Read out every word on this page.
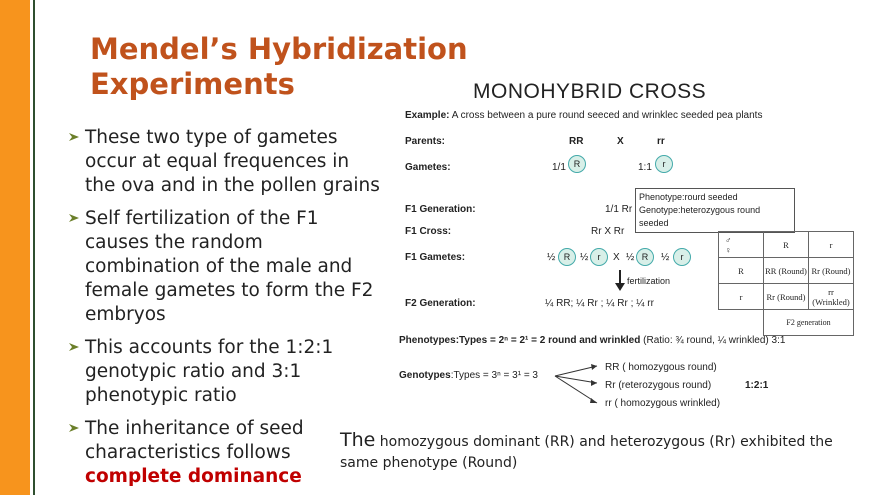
Mendel’s Hybridization
Experiments
These two type of gametes occur at equal frequences in the ova and in the pollen grains
Self fertilization of the F1 causes the random combination of the male and female gametes to form the F2 embryos
This accounts for the 1:2:1 genotypic ratio and 3:1 phenotypic ratio
The inheritance of seed characteristics follows complete dominance
MONOHYBRID CROSS
Example: A cross between a pure round seeced and wrinklec seeded pea plants
Parents:	RR	X	rr
Gametes:	1/1 R	1:1	r
Phenotype:rourd seeded
Genotype:heterozygous round seeded
F1 Generation:	1/1 Rr
F1 Cross:	Rr X Rr
F1 Gametes:	½ R ½	r	X ½ R	½	r
fertilization
F2 Generation:	¼ RR; ¼ Rr ; ¼ Rr ; ¼ rr
Phenotypes:Types = 2ⁿ = 2¹ = 2 round and wrinkled (Ratio: ¾ round, ¼ wrinkled) 3:1
Genotypes:Types = 3ⁿ = 3¹ = 3
RR ( homozygous round)
Rr (reterozygous round)	1:2:1
rr ( homozygous wrinkled)
♂
♀	R	r
R	RR (Round)	Rr (Round)
r	Rr (Round)	rr (Wrinkled)
	F2 generation	

The homozygous dominant (RR) and heterozygous (Rr) exhibited the same phenotype (Round)
